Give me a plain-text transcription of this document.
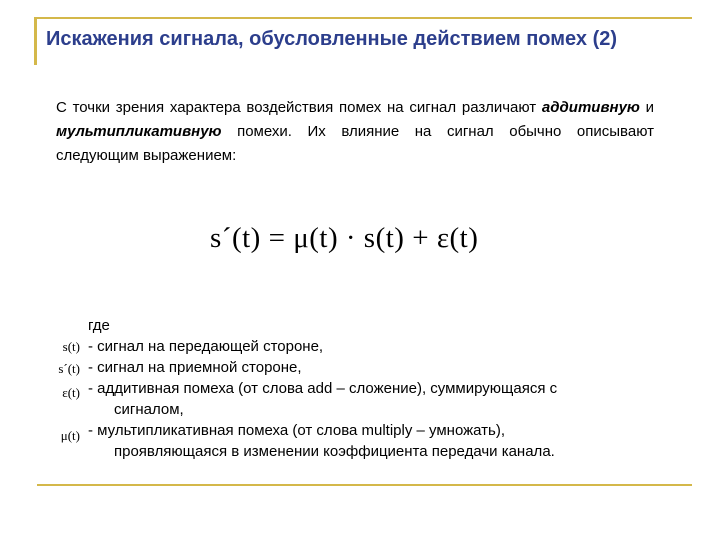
Искажения сигнала, обусловленные действием помех (2)
С точки зрения характера воздействия помех на сигнал различают аддитивную и мультипликативную помехи. Их влияние на сигнал обычно описывают следующим выражением:
s´(t) = μ(t) · s(t) + ε(t)
s(t)
s´(t)
ε(t)
μ(t)

где

- сигнал на передающей стороне,

- сигнал на приемной стороне,

- аддитивная помеха (от слова add – сложение), суммирующаяся с

сигналом,

- мультипликативная помеха (от слова multiply – умножать),

проявляющаяся в изменении коэффициента передачи канала.
